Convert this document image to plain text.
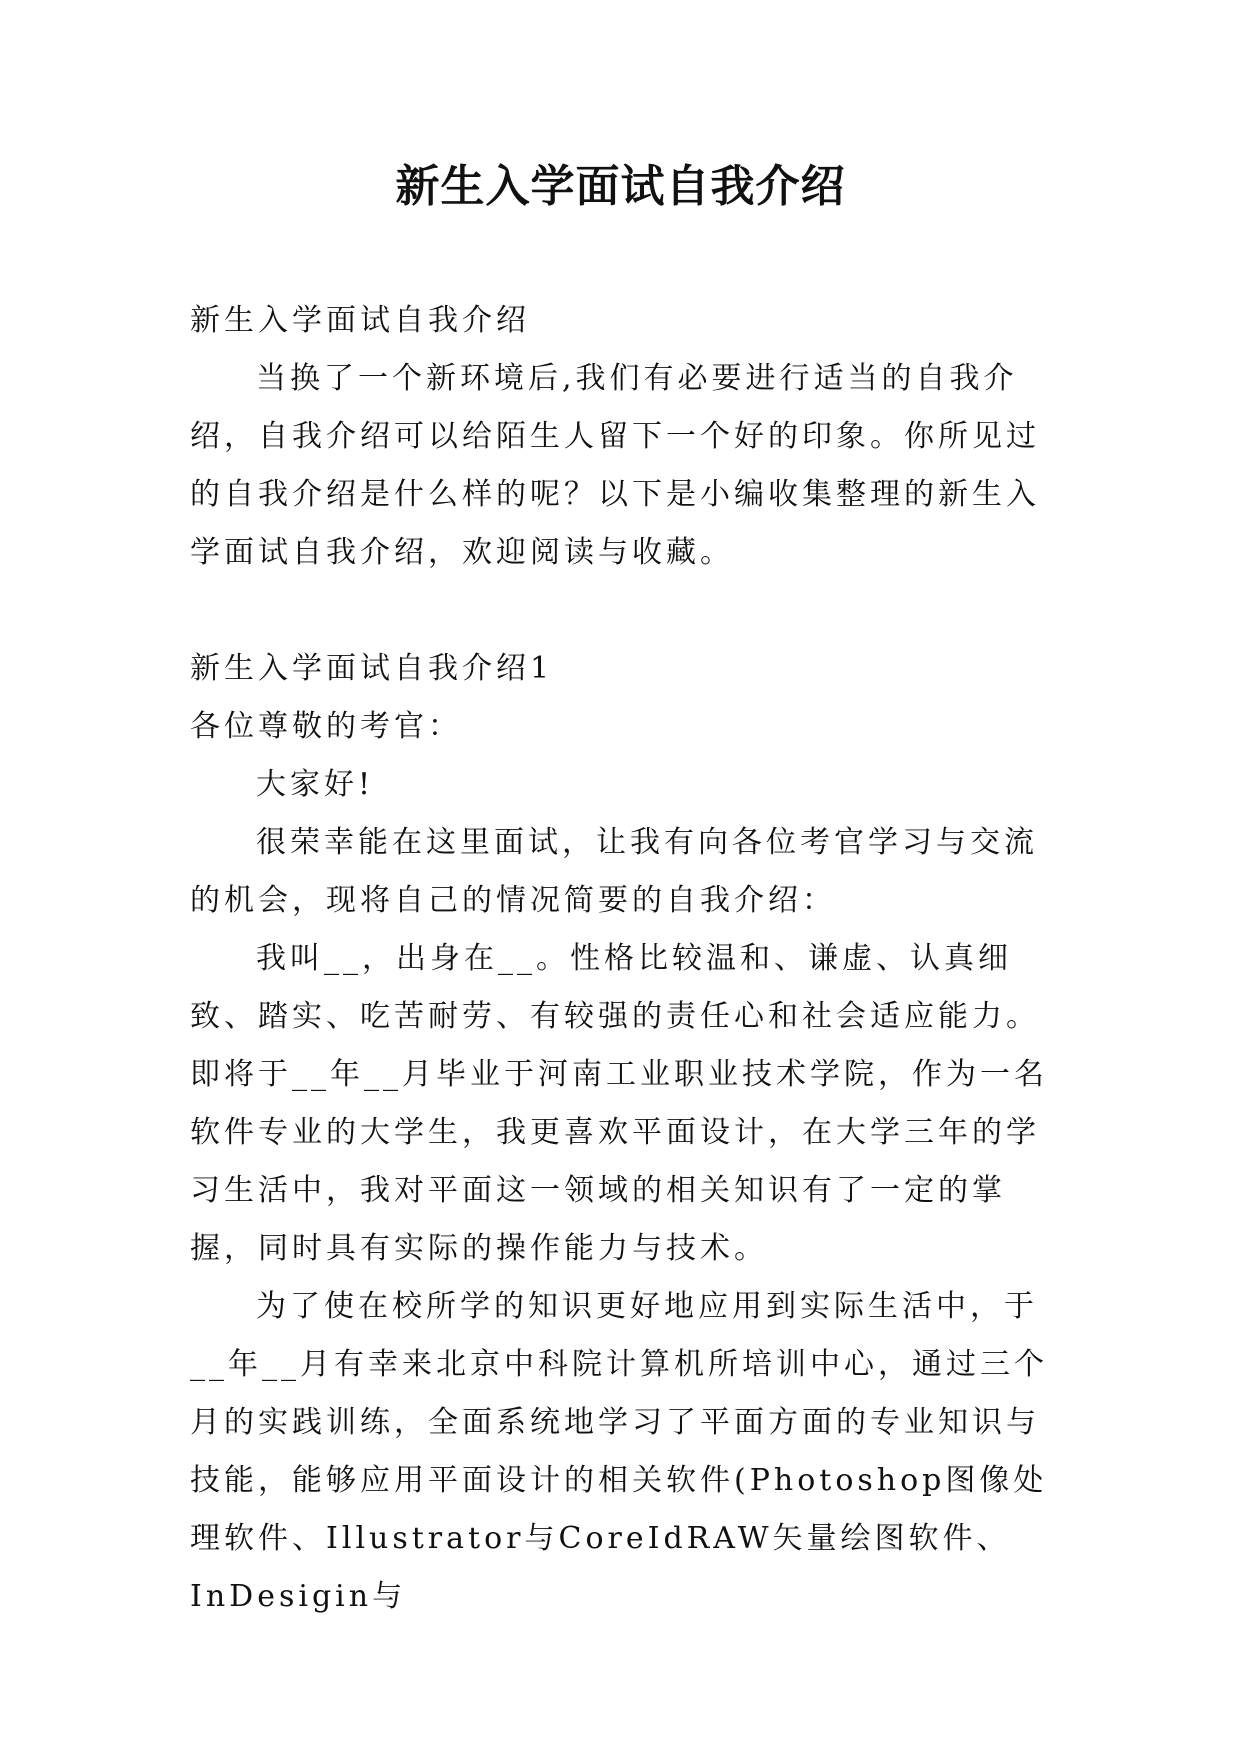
新生入学面试自我介绍

新生入学面试自我介绍

当换了一个新环境后,我们有必要进行适当的自我介绍，自我介绍可以给陌生人留下一个好的印象。你所见过的自我介绍是什么样的呢？以下是小编收集整理的新生入学面试自我介绍，欢迎阅读与收藏。

新生入学面试自我介绍1

各位尊敬的考官：

大家好!

很荣幸能在这里面试，让我有向各位考官学习与交流的机会，现将自己的情况简要的自我介绍：

我叫__，出身在__。性格比较温和、谦虚、认真细致、踏实、吃苦耐劳、有较强的责任心和社会适应能力。即将于__年__月毕业于河南工业职业技术学院，作为一名软件专业的大学生，我更喜欢平面设计，在大学三年的学习生活中，我对平面这一领域的相关知识有了一定的掌握，同时具有实际的操作能力与技术。

为了使在校所学的知识更好地应用到实际生活中，于__年__月有幸来北京中科院计算机所培训中心，通过三个月的实践训练，全面系统地学习了平面方面的专业知识与技能，能够应用平面设计的相关软件(Photoshop图像处理软件、Illustrator与CoreIdRAW矢量绘图软件、InDesigin与
